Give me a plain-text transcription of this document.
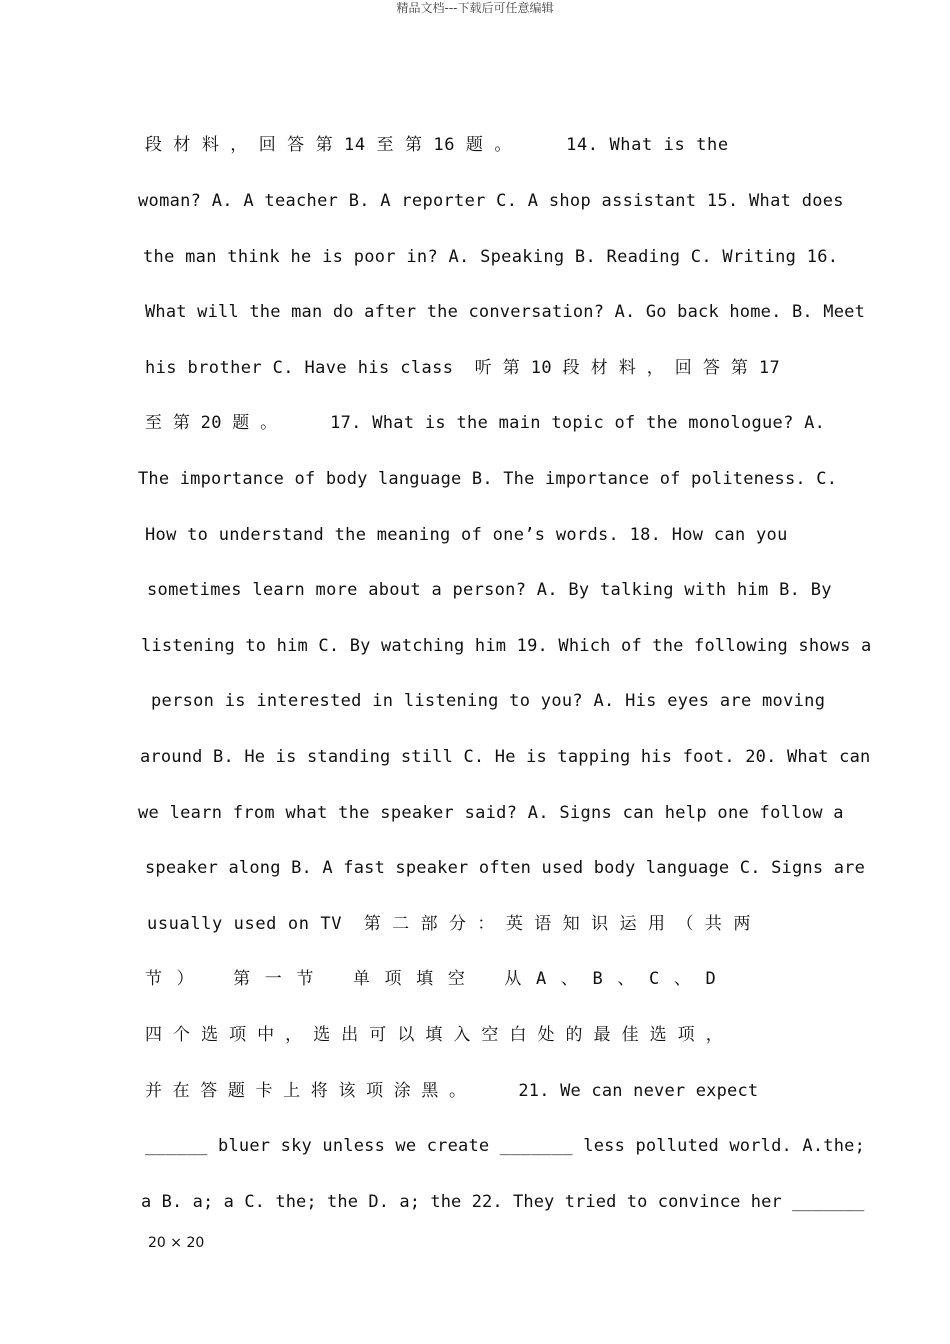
精品文档---下载后可任意编辑
段 材 料 ， 回 答 第 14 至 第 16 题 。     14. What is the
woman? A. A teacher B. A reporter C. A shop assistant 15. What does
the man think he is poor in? A. Speaking B. Reading C. Writing 16.
What will the man do after the conversation? A. Go back home. B. Meet
his brother C. Have his class  听 第 10 段 材 料 ， 回 答 第 17
至 第 20 题 。     17. What is the main topic of the monologue? A.
The importance of body language B. The importance of politeness. C.
How to understand the meaning of one’s words. 18. How can you
sometimes learn more about a person? A. By talking with him B. By
listening to him C. By watching him 19. Which of the following shows a
person is interested in listening to you? A. His eyes are moving
around B. He is standing still C. He is tapping his foot. 20. What can
we learn from what the speaker said? A. Signs can help one follow a
speaker along B. A fast speaker often used body language C. Signs are
usually used on TV  第 二 部 分 ： 英 语 知 识 运 用 （ 共 两
节 ）   第 一 节   单 项 填 空   从 A 、 B 、 C 、 D
四 个 选 项 中 ， 选 出 可 以 填 入 空 白 处 的 最 佳 选 项 ，
并 在 答 题 卡 上 将 该 项 涂 黑 。     21. We can never expect
______ bluer sky unless we create _______ less polluted world. A.the;
a B. a; a C. the; the D. a; the 22. They tried to convince her _______
20 × 20
